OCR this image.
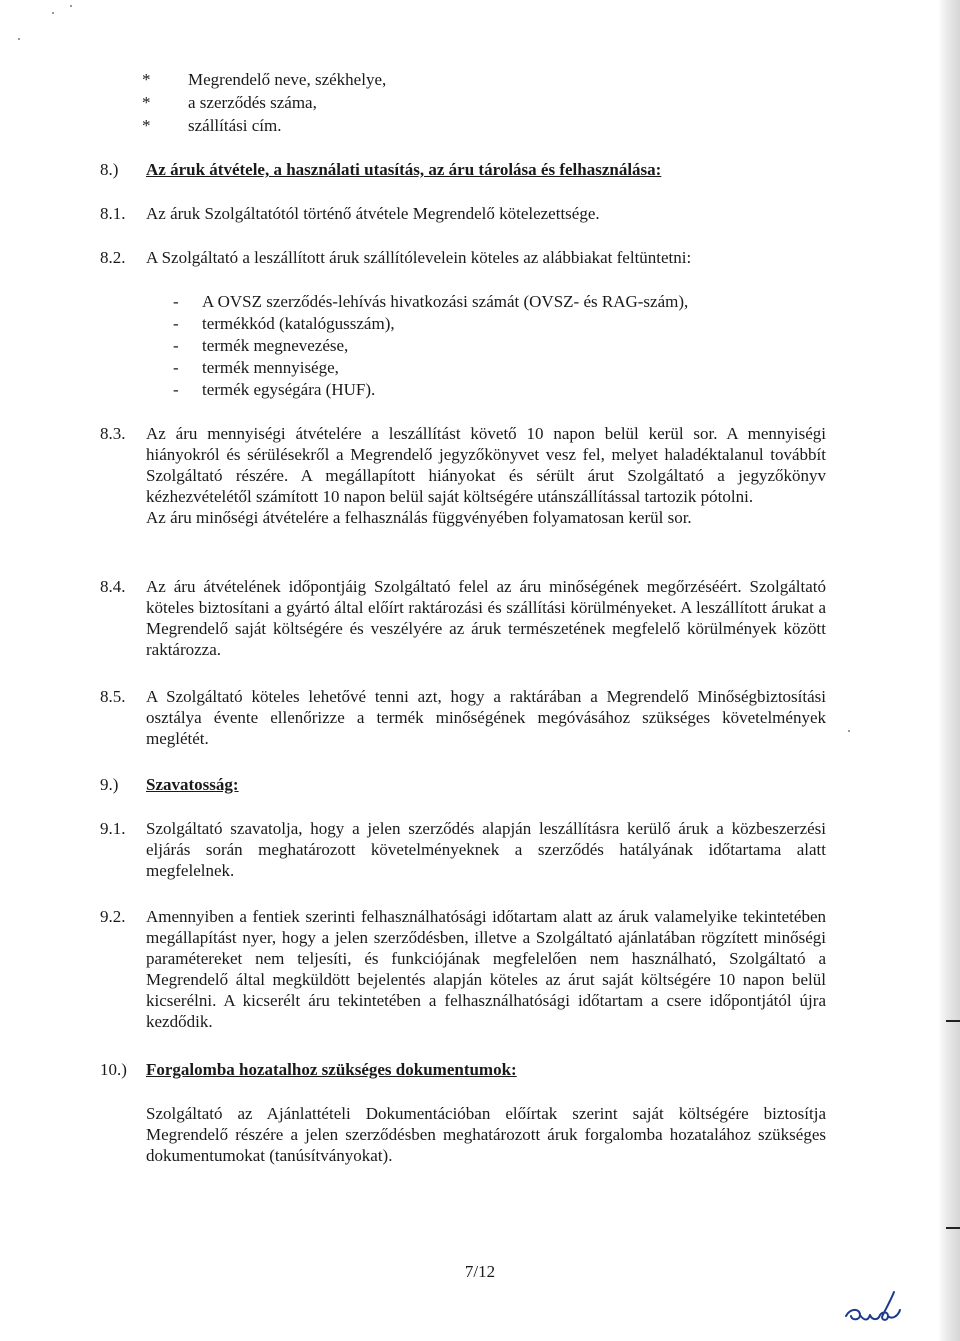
* Megrendelő neve, székhelye,
* a szerződés száma,
* szállítási cím.
8.) Az áruk átvétele, a használati utasítás, az áru tárolása és felhasználása:
8.1. Az áruk Szolgáltatótól történő átvétele Megrendelő kötelezettsége.

8.2. A Szolgáltató a leszállított áruk szállítólevelein köteles az alábbiakat feltüntetni:

- A OVSZ szerződés-lehívás hivatkozási számát (OVSZ- és RAG-szám),
- termékkód (katalógusszám),
- termék megnevezése,
- termék mennyisége,
- termék egységára (HUF).
8.3. Az áru mennyiségi átvételére a leszállítást követő 10 napon belül kerül sor. A mennyiségi hiányokról és sérülésekről a Megrendelő jegyzőkönyvet vesz fel, melyet haladéktalanul továbbít Szolgáltató részére. A megállapított hiányokat és sérült árut Szolgáltató a jegyzőkönyv kézhezvételétől számított 10 napon belül saját költségére utánszállítással tartozik pótolni.

Az áru minőségi átvételére a felhasználás függvényében folyamatosan kerül sor.

8.4. Az áru átvételének időpontjáig Szolgáltató felel az áru minőségének megőrzéséért. Szolgáltató köteles biztosítani a gyártó által előírt raktározási és szállítási körülményeket. A leszállított árukat a Megrendelő saját költségére és veszélyére az áruk természetének megfelelő körülmények között raktározza.

8.5. A Szolgáltató köteles lehetővé tenni azt, hogy a raktárában a Megrendelő Minőségbiztosítási osztálya évente ellenőrizze a termék minőségének megóvásához szükséges követelmények meglétét.

9.) Szavatosság:
9.1. Szolgáltató szavatolja, hogy a jelen szerződés alapján leszállításra kerülő áruk a közbeszerzési eljárás során meghatározott követelményeknek a szerződés hatályának időtartama alatt megfelelnek.

9.2. Amennyiben a fentiek szerinti felhasználhatósági időtartam alatt az áruk valamelyike tekintetében megállapítást nyer, hogy a jelen szerződésben, illetve a Szolgáltató ajánlatában rögzített minőségi paramétereket nem teljesíti, és funkciójának megfelelően nem használható, Szolgáltató a Megrendelő által megküldött bejelentés alapján köteles az árut saját költségére 10 napon belül kicserélni. A kicserélt áru tekintetében a felhasználhatósági időtartam a csere időpontjától újra kezdődik.

10.) Forgalomba hozatalhoz szükséges dokumentumok:

Szolgáltató az Ajánlattételi Dokumentációban előírtak szerint saját költségére biztosítja Megrendelő részére a jelen szerződésben meghatározott áruk forgalomba hozatalához szükséges dokumentumokat (tanúsítványokat).

7/12
